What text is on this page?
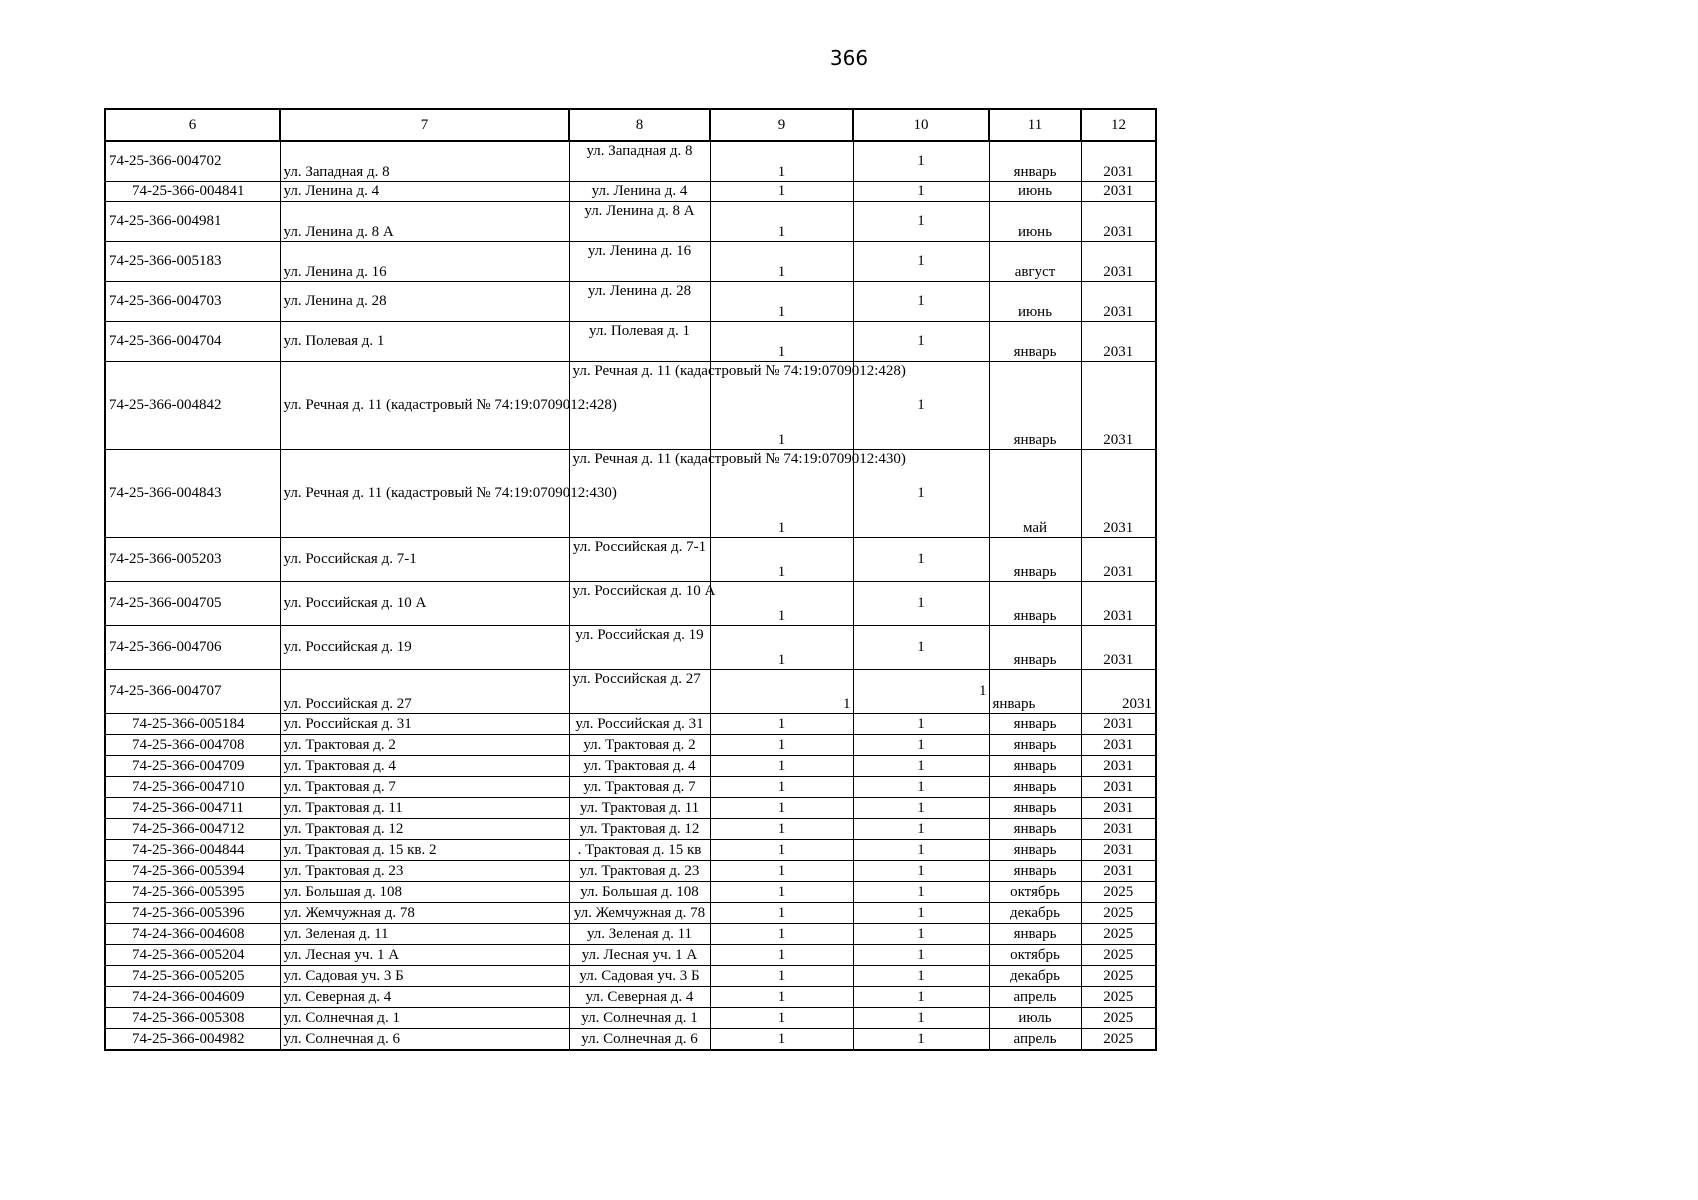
366
6	7	8	9	10	11	12
74-25-366-004702	ул. Западная д. 8	ул. Западная д. 8	1	1	январь	2031
74-25-366-004841	ул. Ленина д. 4	ул. Ленина д. 4	1	1	июнь	2031
74-25-366-004981	ул. Ленина д. 8 А	ул. Ленина д. 8 А	1	1	июнь	2031
74-25-366-005183	ул. Ленина д. 16	ул. Ленина д. 16	1	1	август	2031
74-25-366-004703	ул. Ленина д. 28	ул. Ленина д. 28	1	1	июнь	2031
74-25-366-004704	ул. Полевая д. 1	ул. Полевая д. 1	1	1	январь	2031
74-25-366-004842	ул. Речная д. 11 (кадастровый № 74:19:0709012:428)	ул. Речная д. 11 (кадастровый № 74:19:0709012:428)	1	1	январь	2031
74-25-366-004843	ул. Речная д. 11 (кадастровый № 74:19:0709012:430)	ул. Речная д. 11 (кадастровый № 74:19:0709012:430)	1	1	май	2031
74-25-366-005203	ул. Российская д. 7-1	ул. Российская д. 7-1	1	1	январь	2031
74-25-366-004705	ул. Российская д. 10 А	ул. Российская д. 10 А	1	1	январь	2031
74-25-366-004706	ул. Российская д. 19	ул. Российская д. 19	1	1	январь	2031
74-25-366-004707	ул. Российская д. 27	ул. Российская д. 27	1	1	январь	2031
74-25-366-005184	ул. Российская д. 31	ул. Российская д. 31	1	1	январь	2031
74-25-366-004708	ул. Трактовая д. 2	ул. Трактовая д. 2	1	1	январь	2031
74-25-366-004709	ул. Трактовая д. 4	ул. Трактовая д. 4	1	1	январь	2031
74-25-366-004710	ул. Трактовая д. 7	ул. Трактовая д. 7	1	1	январь	2031
74-25-366-004711	ул. Трактовая д. 11	ул. Трактовая д. 11	1	1	январь	2031
74-25-366-004712	ул. Трактовая д. 12	ул. Трактовая д. 12	1	1	январь	2031
74-25-366-004844	ул. Трактовая д. 15 кв. 2	. Трактовая д. 15 кв	1	1	январь	2031
74-25-366-005394	ул. Трактовая д. 23	ул. Трактовая д. 23	1	1	январь	2031
74-25-366-005395	ул. Большая д. 108	ул. Большая д. 108	1	1	октябрь	2025
74-25-366-005396	ул. Жемчужная д. 78	ул. Жемчужная д. 78	1	1	декабрь	2025
74-24-366-004608	ул. Зеленая д. 11	ул. Зеленая д. 11	1	1	январь	2025
74-25-366-005204	ул. Лесная уч. 1 А	ул. Лесная уч. 1 А	1	1	октябрь	2025
74-25-366-005205	ул. Садовая уч. 3 Б	ул. Садовая уч. 3 Б	1	1	декабрь	2025
74-24-366-004609	ул. Северная д. 4	ул. Северная д. 4	1	1	апрель	2025
74-25-366-005308	ул. Солнечная д. 1	ул. Солнечная д. 1	1	1	июль	2025
74-25-366-004982	ул. Солнечная д. 6	ул. Солнечная д. 6	1	1	апрель	2025
